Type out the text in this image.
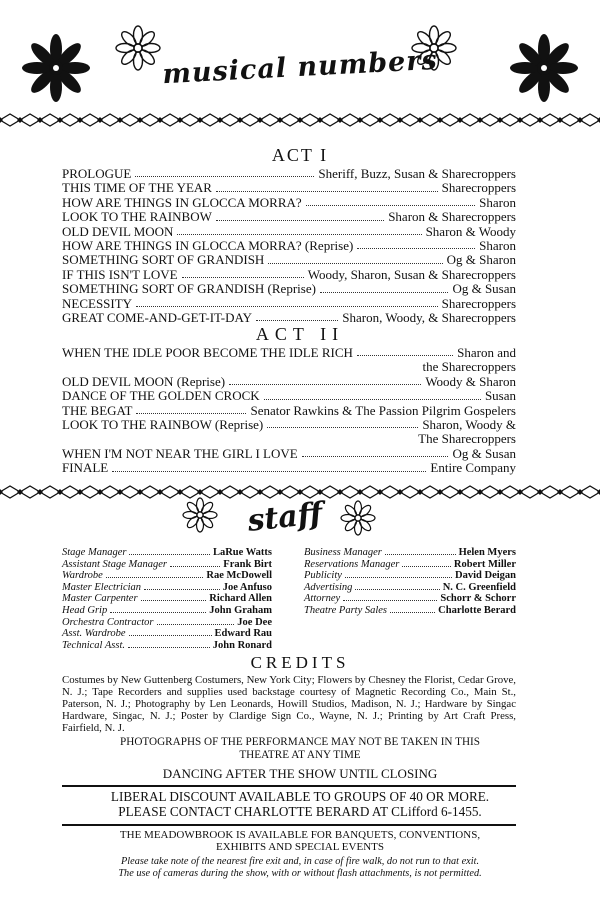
musical numbers
ACT I
PROLOGUE	Sheriff, Buzz, Susan & Sharecroppers
THIS TIME OF THE YEAR	Sharecroppers
HOW ARE THINGS IN GLOCCA MORRA?	Sharon
LOOK TO THE RAINBOW	Sharon & Sharecroppers
OLD DEVIL MOON	Sharon & Woody
HOW ARE THINGS IN GLOCCA MORRA? (Reprise)	Sharon
SOMETHING SORT OF GRANDISH	Og & Sharon
IF THIS ISN'T LOVE	Woody, Sharon, Susan & Sharecroppers
SOMETHING SORT OF GRANDISH (Reprise)	Og & Susan
NECESSITY	Sharecroppers
GREAT COME-AND-GET-IT-DAY	Sharon, Woody, & Sharecroppers
ACT II
WHEN THE IDLE POOR BECOME THE IDLE RICH	Sharon and
the Sharecroppers
OLD DEVIL MOON (Reprise)	Woody & Sharon
DANCE OF THE GOLDEN CROCK	Susan
THE BEGAT	Senator Rawkins & The Passion Pilgrim Gospelers
LOOK TO THE RAINBOW (Reprise)	Sharon, Woody &
The Sharecroppers
WHEN I'M NOT NEAR THE GIRL I LOVE	Og & Susan
FINALE	Entire Company
staff
Stage Manager	LaRue Watts
Assistant Stage Manager	Frank Birt
Wardrobe	Rae McDowell
Master Electrician	Joe Anfuso
Master Carpenter	Richard Allen
Head Grip	John Graham
Orchestra Contractor	Joe Dee
Asst. Wardrobe	Edward Rau
Technical Asst.	John Ronard
Business Manager	Helen Myers
Reservations Manager	Robert Miller
Publicity	David Deigan
Advertising	N. C. Greenfield
Attorney	Schorr & Schorr
Theatre Party Sales	Charlotte Berard
CREDITS
Costumes by New Guttenberg Costumers, New York City; Flowers by Chesney the Florist, Cedar Grove, N. J.; Tape Recorders and supplies used backstage courtesy of Magnetic Recording Co., Main St., Paterson, N. J.; Photography by Len Leonards, Howill Studios, Madison, N. J.; Hardware by Singac Hardware, Singac, N. J.; Poster by Clardige Sign Co., Wayne, N. J.; Printing by Art Craft Press, Fairfield, N. J.
PHOTOGRAPHS OF THE PERFORMANCE MAY NOT BE TAKEN IN THIS
THEATRE AT ANY TIME
DANCING AFTER THE SHOW UNTIL CLOSING
LIBERAL DISCOUNT AVAILABLE TO GROUPS OF 40 OR MORE.
PLEASE CONTACT CHARLOTTE BERARD AT CLifford 6-1455.
THE MEADOWBROOK IS AVAILABLE FOR BANQUETS, CONVENTIONS,
EXHIBITS AND SPECIAL EVENTS
Please take note of the nearest fire exit and, in case of fire walk, do not run to that exit.
The use of cameras during the show, with or without flash attachments, is not permitted.
